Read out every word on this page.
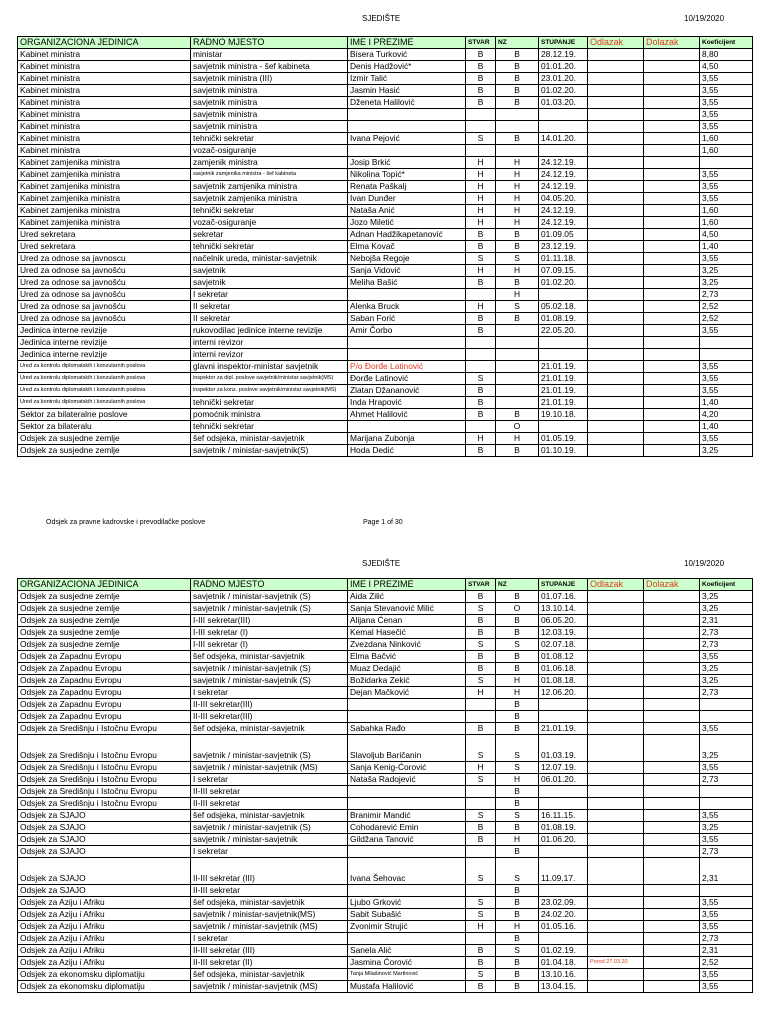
SJEDIŠTE	10/19/2020
ORGANIZACIONA JEDINICA	RADNO MJESTO	IME I PREZIME	STVAR	NZ	STUPANJE	Odlazak	Dolazak	Koeficijent
Kabinet ministra	ministar	Bisera Turković	B	B	28.12.19.			8,80
Kabinet ministra	savjetnik ministra - šef kabineta	Denis Hadžović*	B	B	01.01.20.			4,50
Kabinet ministra	savjetnik ministra (III)	Izmir Talić	B	B	23.01.20.			3,55
Kabinet ministra	savjetnik ministra	Jasmin Hasić	B	B	01.02.20.			3,55
Kabinet ministra	savjetnik ministra	Dženeta Halilović	B	B	01.03.20.			3,55
Kabinet ministra	savjetnik ministra							3,55
Kabinet ministra	savjetnik ministra							3,55
Kabinet ministra	tehnički sekretar	Ivana Pejović	S	B	14.01.20.			1,60
Kabinet ministra	vozač-osiguranje							1,60
Kabinet zamjenika ministra	zamjenik ministra	Josip Brkić	H	H	24.12.19.			
Kabinet zamjenika ministra	savjetnik zamjenika ministra - šef kabineta	Nikolina Topić*	H	H	24.12.19.			3,55
Kabinet zamjenika ministra	savjetnik zamjenika ministra	Renata Paškalj	H	H	24.12.19.			3,55
Kabinet zamjenika ministra	savjetnik zamjenika ministra	Ivan Dunđer	H	H	04.05.20.			3,55
Kabinet zamjenika ministra	tehnički sekretar	Nataša Anić	H	H	24.12.19.			1,60
Kabinet zamjenika ministra	vozač-osiguranje	Jozo Miletić	H	H	24.12.19.			1,60
Ured sekretara	sekretar	Adnan Hadžikapetanović	B	B	01.09.05			4,50
Ured sekretara	tehnički sekretar	Elma Kovač	B	B	23.12.19.			1,40
Ured za odnose sa javnoscu	načelnik ureda, ministar-savjetnik	Nebojša Regoje	S	S	01.11.18.			3,55
Ured za odnose sa javnošću	savjetnik	Sanja Vidović	H	H	07.09.15.			3,25
Ured za odnose sa javnošću	savjetnik	Meliha Bašić	B	B	01.02.20.			3,25
Ured za odnose sa javnošću	I sekretar			H				2,73
Ured za odnose sa javnošću	II sekretar	Alenka Bruck	H	S	05.02.18.			2,52
Ured za odnose sa javnošću	II sekretar	Saban Forić	B	B	01.08.19.			2,52
Jedinica interne revizije	rukovodilac jedinice interne revizije	Amir Čorbo	B		22.05.20.			3,55
Jedinica interne revizije	interni revizor							
Jedinica interne revizije	interni revizor							
Ured za kontrolu diplomatskih i konzularnih poslova	glavni inspektor-ministar savjetnik	P/o Đorđe Latinović			21.01.19.			3,55
Ured za kontrolu diplomatskih i konzularnih poslova	inspektor za dipl. poslove savjetnik/ministar savjetnik(MS)	Đorđe Latinović	S		21.01.19.			3,55
Ured za kontrolu diplomatskih i konzularnih poslova	inspektor za konz. poslove savjetnik/ministar savjetnik(MS)	Zlatan Džananović	B		21.01.19.			3,55
Ured za kontrolu diplomatskih i konzularnih poslova	tehnički sekretar	Inda Hrapović	B		21.01.19.			1,40
Sektor za bilateralne poslove	pomoćnik ministra	Ahmet Halilović	B	B	19.10.18.			4,20
Sektor za bilateralu	tehnički sekretar			O				1,40
Odsjek za susjedne zemlje	šef odsjeka, ministar-savjetnik	Marijana Zubonja	H	H	01.05.19.			3,55
Odsjek za susjedne zemlje	savjetnik / ministar-savjetnik(S)	Hoda Dedić	B	B	01.10.19.			3,25
Odsjek za pravne kadrovske i prevodilačke poslove	Page 1 of 30
SJEDIŠTE	10/19/2020
ORGANIZACIONA JEDINICA	RADNO MJESTO	IME I PREZIME	STVAR	NZ	STUPANJE	Odlazak	Dolazak	Koeficijent
Odsjek za susjedne zemlje	savjetnik / ministar-savjetnik (S)	Aida Zilić	B	B	01.07.16.			3,25
Odsjek za susjedne zemlje	savjetnik / ministar-savjetnik (S)	Sanja Stevanović Milić	S	O	13.10.14.			3,25
Odsjek za susjedne zemlje	I-III sekretar(III)	Alijana Ćenan	B	B	06.05.20.			2,31
Odsjek za susjedne zemlje	I-III sekretar (I)	Kemal Hasečić	B	B	12.03.19.			2,73
Odsjek za susjedne zemlje	I-III sekretar (I)	Zvezdana Ninković	S	S	02.07.18.			2,73
Odsjek za Zapadnu Evropu	šef odsjeka, ministar-savjetnik	Elma Bačvić	B	B	01.08.12			3,55
Odsjek za Zapadnu Evropu	savjetnik / ministar-savjetnik (S)	Muaz Dedajić	B	B	01.06.18.			3,25
Odsjek za Zapadnu Evropu	savjetnik / ministar-savjetnik (S)	Božidarka Zekić	S	H	01.08.18.			3,25
Odsjek za Zapadnu Evropu	I sekretar	Dejan Mačković	H	H	12.06.20.			2,73
Odsjek za Zapadnu Evropu	II-III sekretar(III)			B				
Odsjek za Zapadnu Evropu	II-III sekretar(III)			B				
Odsjek za Središnju i Istočnu Evropu	šef odsjeka, ministar-savjetnik	Sabahka Rađo	B	B	21.01.19.			3,55
Odsjek za Središnju i Istočnu Evropu	savjetnik / ministar-savjetnik (S)	Slavoljub Baričanin	S	S	01.03.19.			3,25
Odsjek za Središnju i Istočnu Evropu	savjetnik / ministar-savjetnik (MS)	Sanja Kenig-Ćorović	H	S	12.07.19.			3,55
Odsjek za Središnju i Istočnu Evropu	I sekretar	Nataša Radojević	S	H	06.01.20.			2,73
Odsjek za Središnju i Istočnu Evropu	II-III sekretar			B				
Odsjek za Središnju i Istočnu Evropu	II-III sekretar			B				
Odsjek za SJAJO	šef odsjeka, ministar-savjetnik	Branimir Mandić	S	S	16.11.15.			3,55
Odsjek za SJAJO	savjetnik / ministar-savjetnik (S)	Cohodarević Emin	B	B	01.08.19.			3,25
Odsjek za SJAJO	savjetnik / ministar-savjetnik	Gildžana Tanović	B	H	01.06.20.			3,55
Odsjek za SJAJO	I sekretar			B				2,73
Odsjek za SJAJO	II-III sekretar (III)	Ivana Šehovac	S	S	11.09.17.			2,31
Odsjek za SJAJO	II-III sekretar			B				
Odsjek za Aziju i Afriku	šef odsjeka, ministar-savjetnik	Ljubo Grković	S	B	23.02.09.			3,55
Odsjek za Aziju i Afriku	savjetnik / ministar-savjetnik(MS)	Sabit Subašić	S	B	24.02.20.			3,55
Odsjek za Aziju i Afriku	savjetnik / ministar-savjetnik (MS)	Zvonimir Strujić	H	H	01.05.16.			3,55
Odsjek za Aziju i Afriku	I sekretar			B				2,73
Odsjek za Aziju i Afriku	II-III sekretar (III)	Sanela Alić	B	S	01.02.19.			2,31
Odsjek za Aziju i Afriku	II-III sekretar (II)	Jasmina Ćorović	B	B	01.04.18.	Porod 27.03.20.		2,52
Odsjek za ekonomsku diplomatiju	šef odsjeka, ministar-savjetnik	Tanja Milašinović Martinović	S	B	13.10.16.			3,55
Odsjek za ekonomsku diplomatiju	savjetnik / ministar-savjetnik (MS)	Mustafa Halilović	B	B	13.04.15.			3,55
